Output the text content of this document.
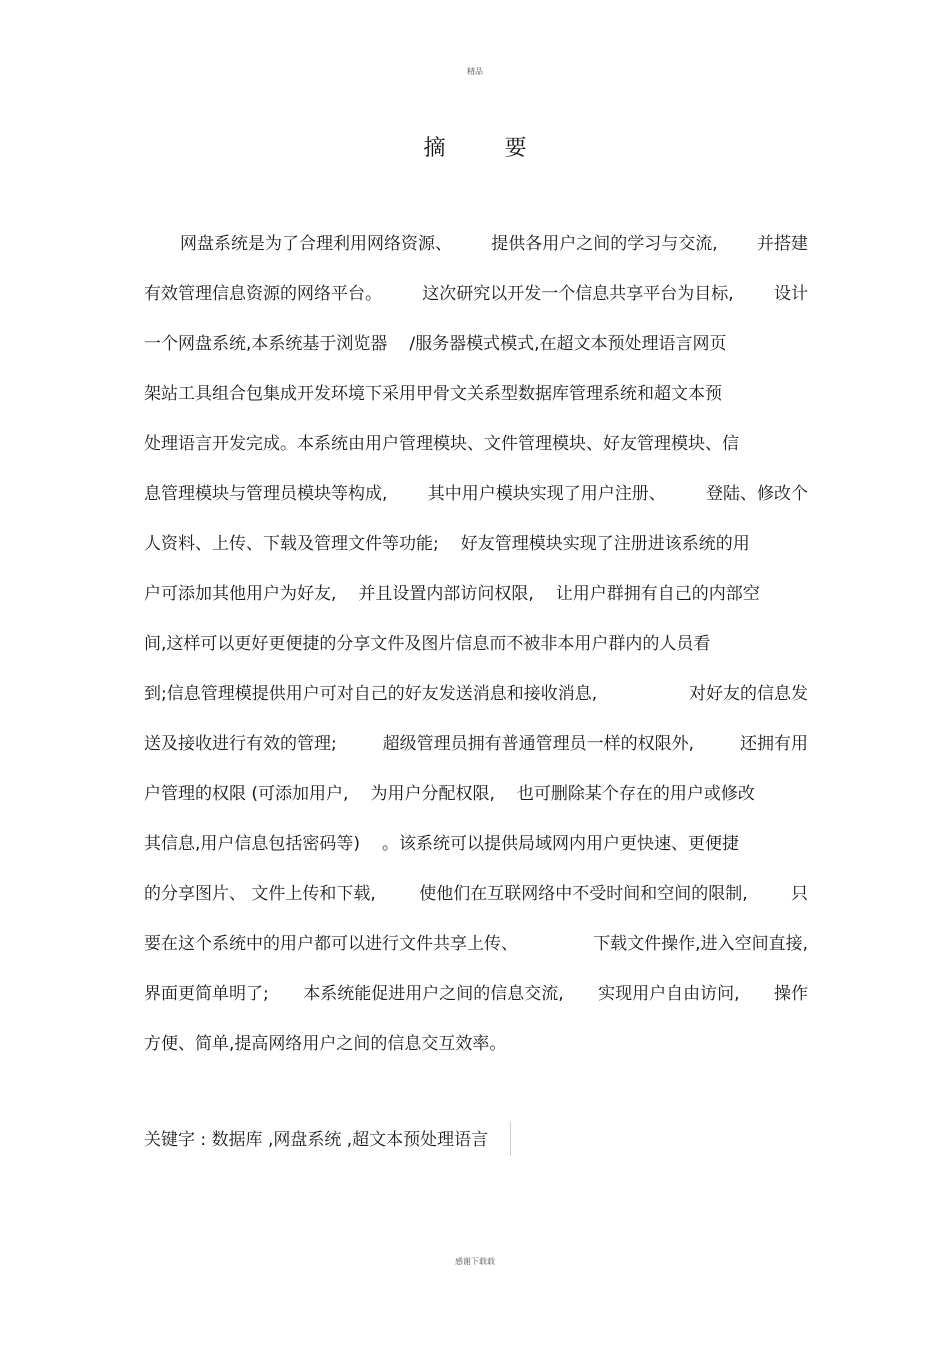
精品
摘 要
网盘系统是为了合理利用网络资源、 提供各用户之间的学习与交流, 并搭建
有效管理信息资源的网络平台。 这次研究以开发一个信息共享平台为目标, 设计
一个网盘系统,本系统基于浏览器 /服务器模式模式,在超文本预处理语言网页
架站工具组合包集成开发环境下采用甲骨文关系型数据库管理系统和超文本预
处理语言开发完成。本系统由用户管理模块、文件管理模块、好友管理模块、信
息管理模块与管理员模块等构成, 其中用户模块实现了用户注册、 登陆、修改个
人资料、上传、下载及管理文件等功能; 好友管理模块实现了注册进该系统的用
户可添加其他用户为好友, 并且设置内部访问权限, 让用户群拥有自己的内部空
间,这样可以更好更便捷的分享文件及图片信息而不被非本用户群内的人员看
到;信息管理模提供用户可对自己的好友发送消息和接收消息,	对好友的信息发
送及接收进行有效的管理;	超级管理员拥有普通管理员一样的权限外,	还拥有用
户管理的权限 (可添加用户, 为用户分配权限, 也可删除某个存在的用户或修改
其信息,用户信息包括密码等) 。该系统可以提供局域网内用户更快速、更便捷
的分享图片、 文件上传和下载,	使他们在互联网络中不受时间和空间的限制,	只
要在这个系统中的用户都可以进行文件共享上传、	下载文件操作,进入空间直接,
界面更简单明了; 本系统能促进用户之间的信息交流, 实现用户自由访问, 操作
方便、简单,提高网络用户之间的信息交互效率。
关键字 : 数据库 ,网盘系统 ,超文本预处理语言
感谢下载载
